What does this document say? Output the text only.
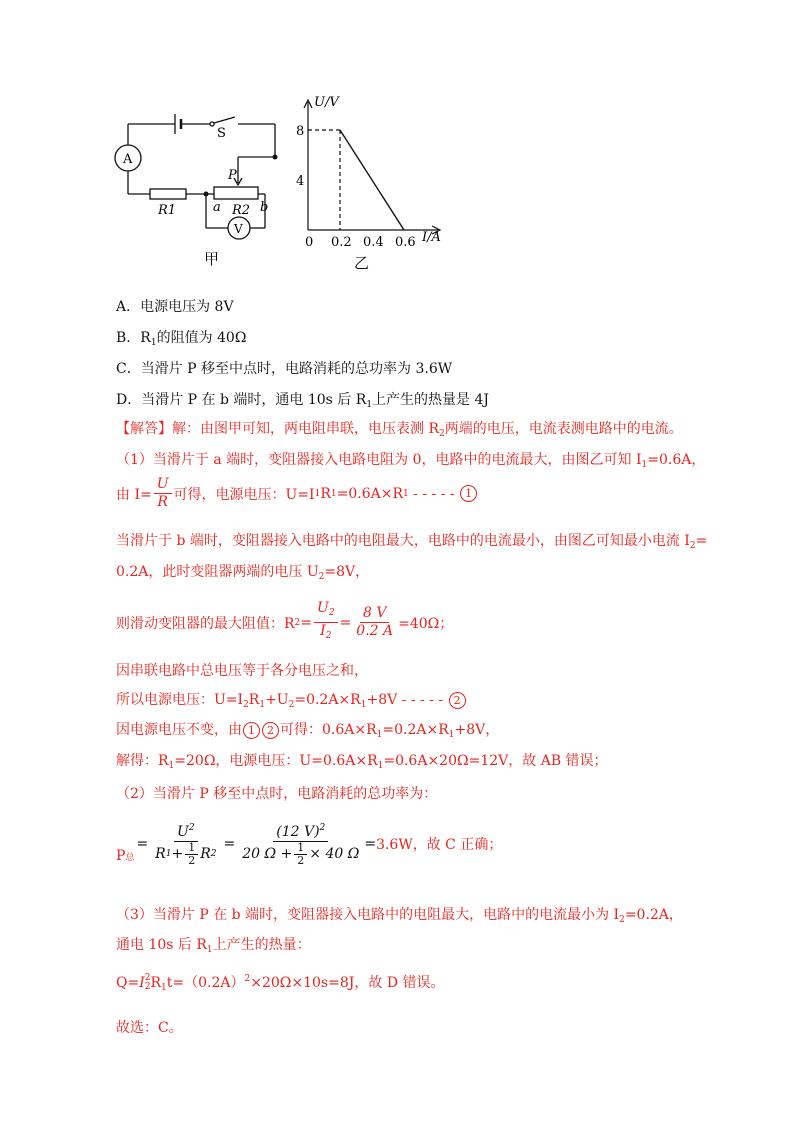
A
V
S
R1	R2
P
a	b
甲
8
4
0 0.2 0.4 0.6
U/V
I/A
乙
A．电源电压为 8V
B．$R_1$的阻值为 40Ω
C．当滑片 P 移至中点时，电路消耗的总功率为 3.6W
D．当滑片 P 在 b 端时，通电 10s 后 $R_1$上产生的热量是 4J
【解答】解：由图甲可知，两电阻串联，电压表测 $R_2$两端的电压，电流表测电路中的电流。
（1）当滑片于 a 端时，变阻器接入电路电阻为 0，电路中的电流最大，由图乙可知 $I_1=0.6A$，
由 $I= \frac{U}{R}$ 可得，电源电压：U=I 1 R 1 =0.6A×R 1 - - - - - 1
当滑片于 b 端时，变阻器接入电路中的电阻最大，电路中的电流最小，由图乙可知最小电流 $I_2=$
0.2A，此时变阻器两端的电压 $U_2=8V$，
则滑动变阻器的最大阻值：R $2 = \frac{U_2}{I_2} = \frac{8 V}{0.2 A} =40\Omega$；
因串联电路中总电压等于各分电压之和，
所以电源电压：$U=I_2R_1+U_2=0.2A\times R_1+8V$ - - - - - 2
因电源电压不变，由 1 2 可得：$0.6A\times R_1=0.2A\times R_1+8V$，
解得：$R_1=20\Omega$，电源电压：$U=0.6A\times R_1=0.6A\times 20\Omega=12V$，故 AB 错误；
（2）当滑片 P 移至中点时，电路消耗的总功率为：
P总
= $\frac{U^2}{R 1 + \frac{1}{2} R 2} = \frac{(12 V)^2}{20 \Omega + \frac{1}{2} \times 40 \Omega} = 3.6W$，故 C 正确；
（3）当滑片 P 在 b 端时，变阻器接入电路中的电阻最大，电路中的电流最小为 $I_2=0.2A$，
通电 10s 后 $R_1$上产生的热量：
Q=I 2
2 $R_1t=(0.2A)^2\times 20\Omega\times 10s=8J$，故 D 错误。
故选：C。
